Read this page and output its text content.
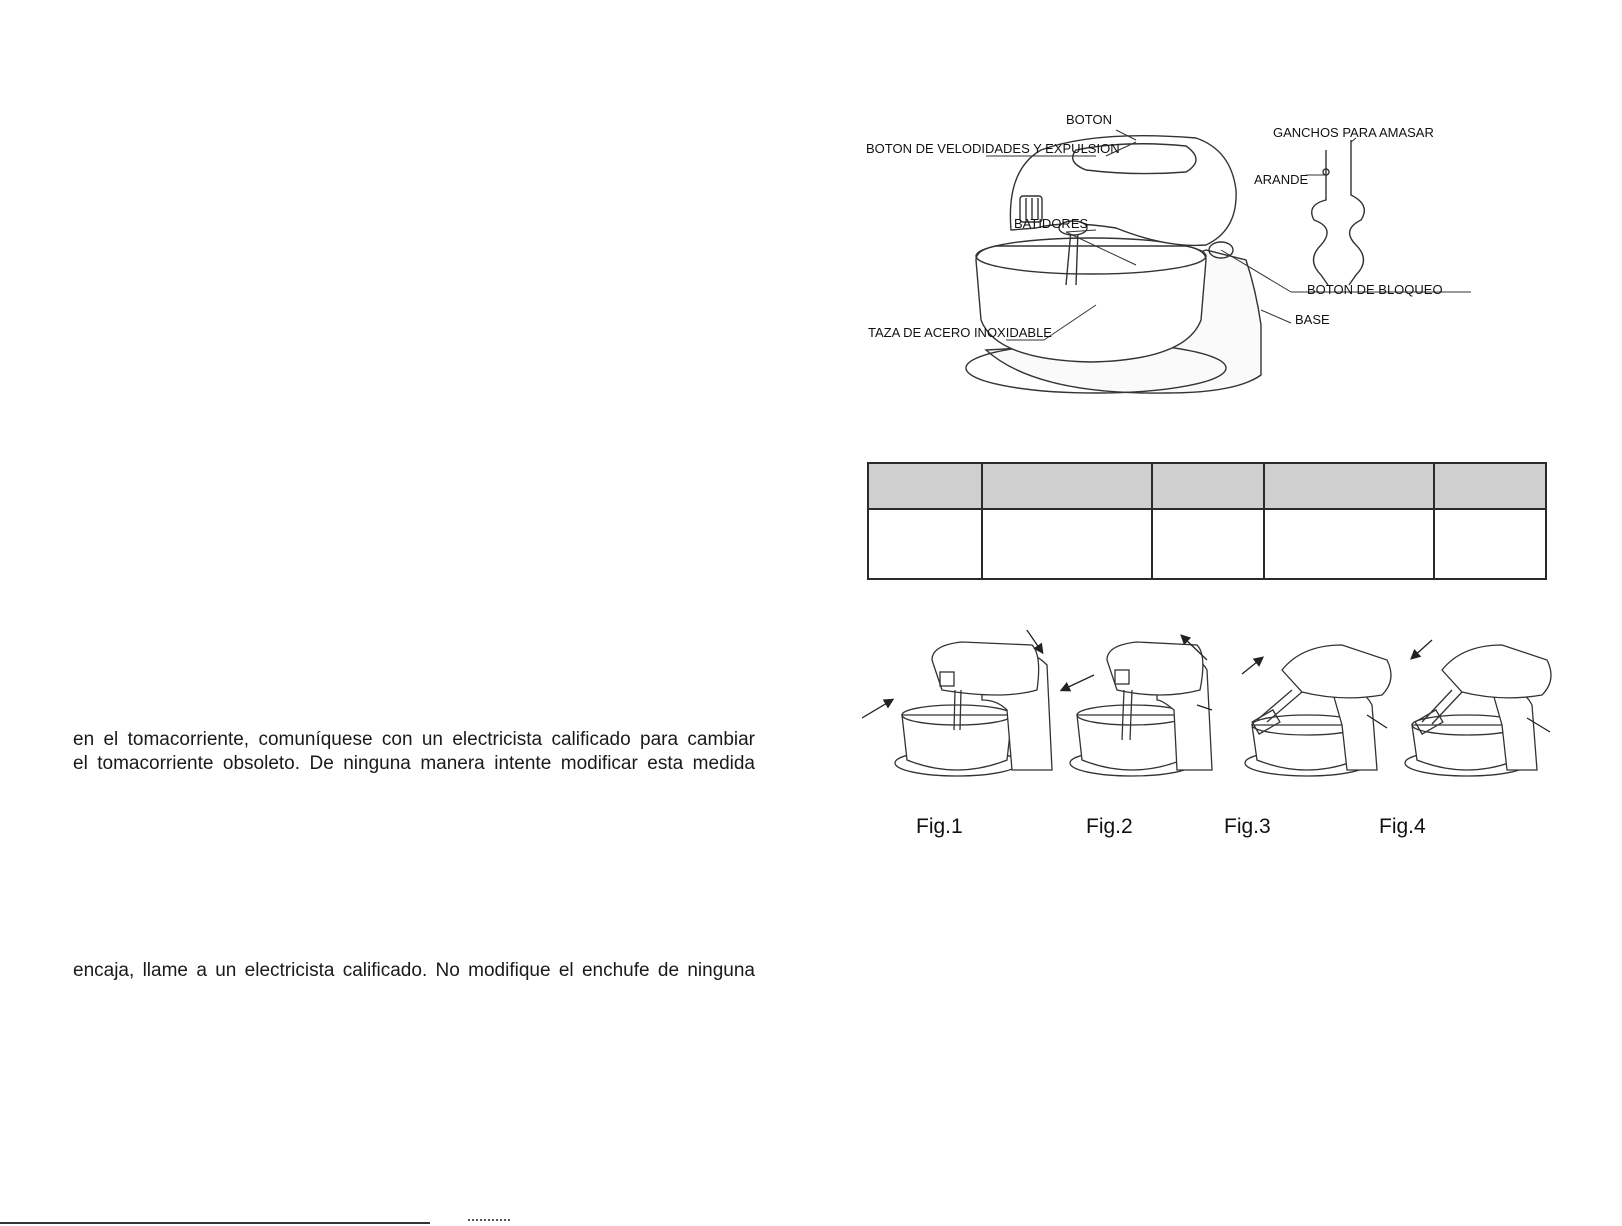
en el tomacorriente, comuníquese con un electricista calificado para cambiar

el tomacorriente obsoleto. De ninguna manera intente modificar esta medida

encaja, llame a un electricista calificado. No modifique el enchufe de ninguna

BOTON
BOTON DE VELODIDADES Y EXPULSION
BATIDORES
TAZA DE ACERO INOXIDABLE
GANCHOS PARA AMASAR
ARANDE
BOTON DE BLOQUEO
BASE

Fig.1	Fig.2	Fig.3	Fig.4
